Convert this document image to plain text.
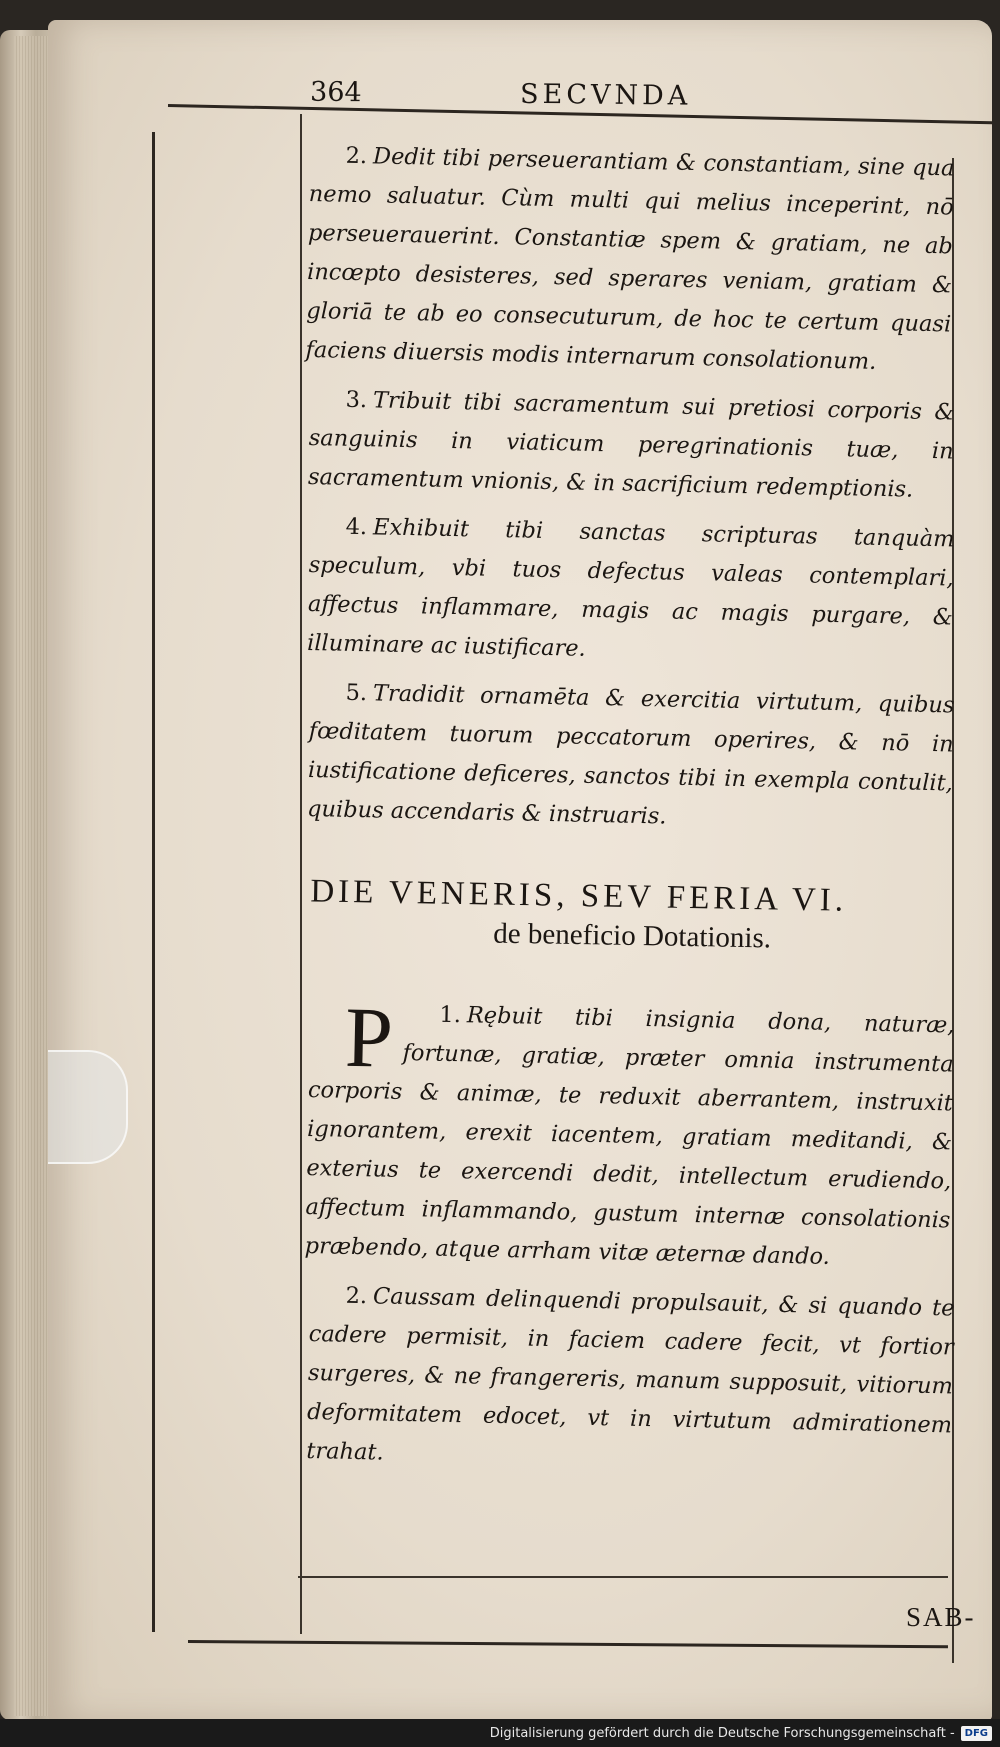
364	SECVNDA

2. Dedit tibi perseuerantiam & constantiam, sine qua nemo saluatur. Cùm multi qui melius inceperint, nō perseuerauerint. Constantiæ spem & gratiam, ne ab incœpto desisteres, sed sperares veniam, gratiam & gloriā te ab eo consecuturum, de hoc te certum quasi faciens diuersis modis internarum consolationum.

3. Tribuit tibi sacramentum sui pretiosi corporis & sanguinis in viaticum peregrinationis tuæ, in sacramentum vnionis, & in sacrificium redemptionis.

4. Exhibuit tibi sanctas scripturas tanquàm speculum, vbi tuos defectus valeas contemplari, affectus inflammare, magis ac magis purgare, & illuminare ac iustificare.

5. Tradidit ornamēta & exercitia virtutum, quibus fœditatem tuorum peccatorum operires, & nō in iustificatione deficeres, sanctos tibi in exempla contulit, quibus accendaris & instruaris.

DIE VENERIS, SEV FERIA VI.
de beneficio Dotationis.

1.
P	Rębuit tibi insignia dona, naturæ, fortunæ, gratiæ, præter omnia instrumenta corporis & animæ, te reduxit aberrantem, instruxit ignorantem, erexit iacentem, gratiam meditandi, & exterius te exercendi dedit, intellectum erudiendo, affectum inflammando, gustum internæ consolationis præbendo, atque arrham vitæ æternæ dando.

2. Caussam delinquendi propulsauit, & si quando te cadere permisit, in faciem cadere fecit, vt fortior surgeres, & ne frangereris, manum supposuit, vitiorum deformitatem edocet, vt in virtutum admirationem trahat.

SAB-
Digitalisierung gefördert durch die Deutsche Forschungsgemeinschaft -	DFG
